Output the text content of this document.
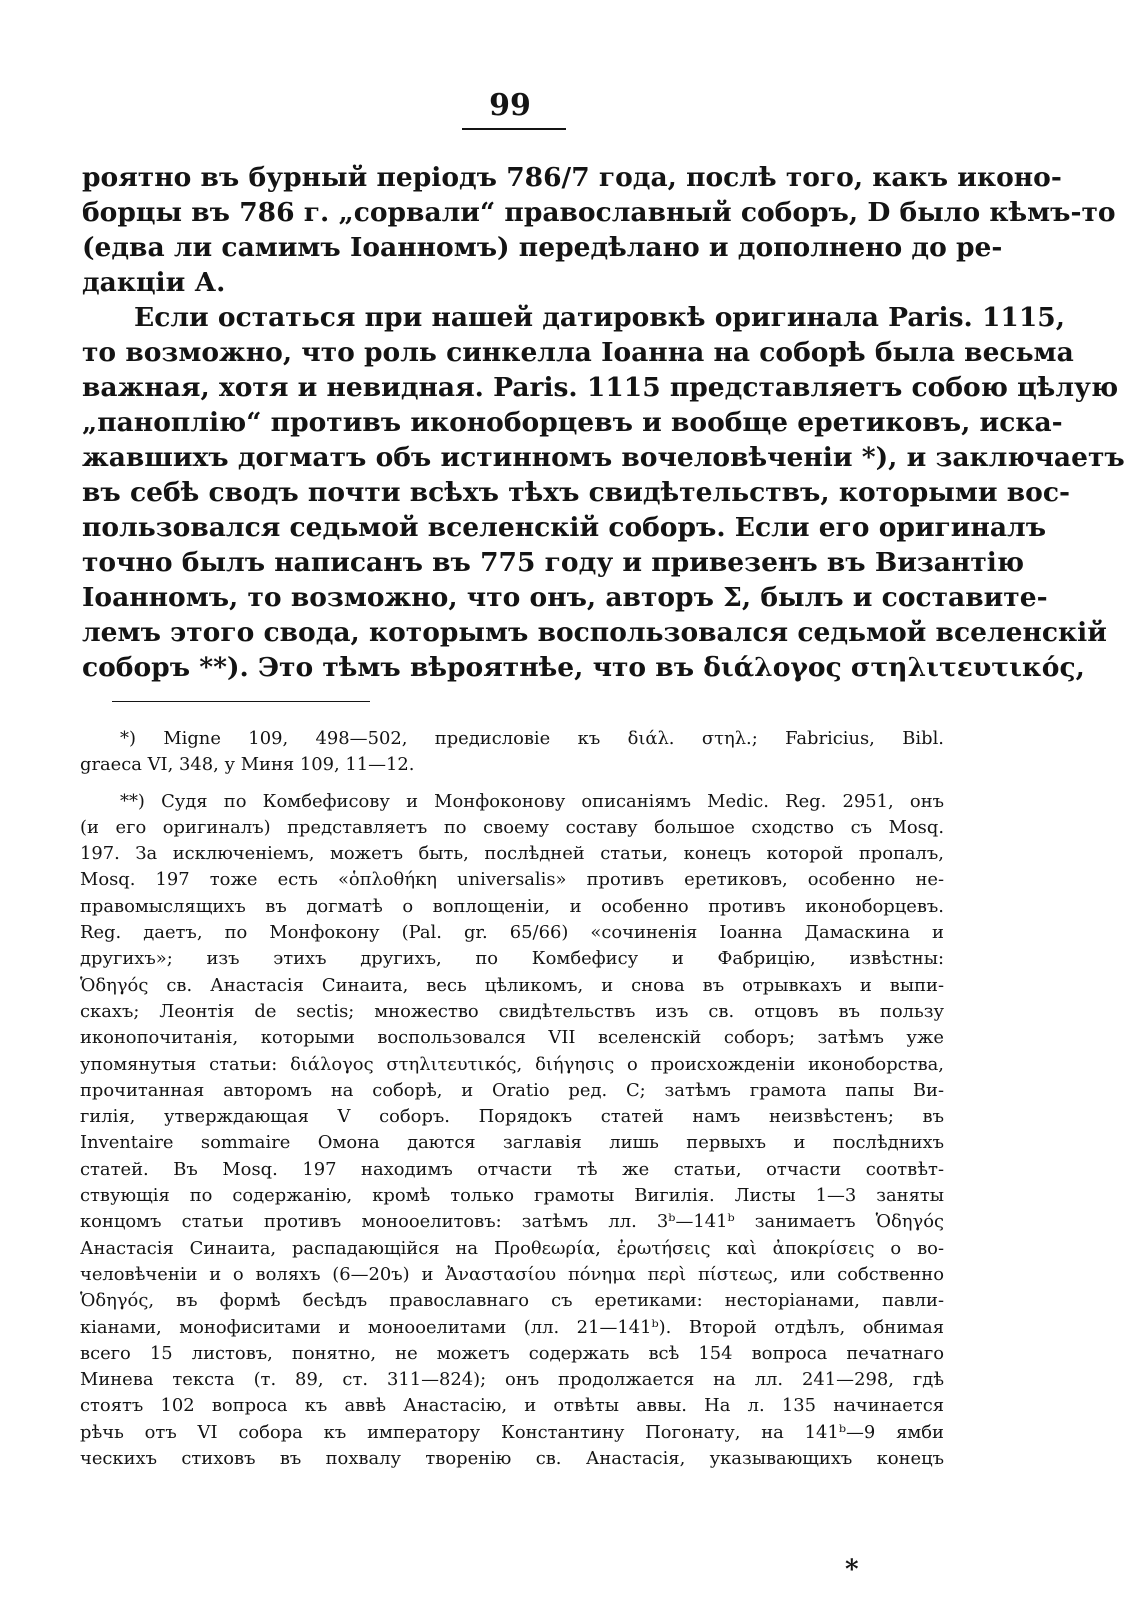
99
роятно въ бурный періодъ 786/7 года, послѣ того, какъ иконо-
борцы въ 786 г. „сорвали“ православный соборъ, D было кѣмъ-то
(едва ли самимъ Іоанномъ) передѣлано и дополнено до ре-
дакціи А.
Если остаться при нашей датировкѣ оригинала Paris. 1115,
то возможно, что роль синкелла Іоанна на соборѣ была весьма
важная, хотя и невидная. Paris. 1115 представляетъ собою цѣлую
„паноплію“ противъ иконоборцевъ и вообще еретиковъ, иска-
жавшихъ догматъ объ истинномъ вочеловѣченіи *), и заключаетъ
въ себѣ сводъ почти всѣхъ тѣхъ свидѣтельствъ, которыми вос-
пользовался седьмой вселенскій соборъ. Если его оригиналъ
точно былъ написанъ въ 775 году и привезенъ въ Византію
Іоанномъ, то возможно, что онъ, авторъ Σ, былъ и составите-
лемъ этого свода, которымъ воспользовался седьмой вселенскій
соборъ **). Это тѣмъ вѣроятнѣе, что въ διάλογος στηλιτευτικός,
*) Migne 109, 498—502, предисловіе къ διάλ. στηλ.; Fabricius, Bibl.
graeca VI, 348, у Миня 109, 11—12.
**) Судя по Комбефисову и Монфоконову описаніямъ Medic. Reg. 2951, онъ
(и его оригиналъ) представляетъ по своему составу большое сходство съ Mosq.
197. За исключеніемъ, можетъ быть, послѣдней статьи, конецъ которой пропалъ,
Mosq. 197 тоже есть «ὁπλοθήκη universalis» противъ еретиковъ, особенно не-
правомыслящихъ въ догматѣ о воплощеніи, и особенно противъ иконоборцевъ.
Reg. даетъ, по Монфокону (Pal. gr. 65/66) «сочиненія Іоанна Дамаскина и
другихъ»; изъ этихъ другихъ, по Комбефису и Фабрицію, извѣстны:
Ὁδηγός св. Анастасія Синаита, весь цѣликомъ, и снова въ отрывкахъ и выпи-
скахъ; Леонтія de sectis; множество свидѣтельствъ изъ св. отцовъ въ пользу
иконопочитанія, которыми воспользовался VII вселенскій соборъ; затѣмъ уже
упомянутыя статьи: διάλογος στηλιτευτικός, διήγησις о происхожденіи иконоборства,
прочитанная авторомъ на соборѣ, и Oratio ред. C; затѣмъ грамота папы Ви-
гилія, утверждающая V соборъ. Порядокъ статей намъ неизвѣстенъ; въ
Inventaire sommaire Омона даются заглавія лишь первыхъ и послѣднихъ
статей. Въ Mosq. 197 находимъ отчасти тѣ же статьи, отчасти соотвѣт-
ствующія по содержанію, кромѣ только грамоты Вигилія. Листы 1—3 заняты
концомъ статьи противъ монооелитовъ: затѣмъ лл. 3ᵇ—141ᵇ занимаетъ Ὁδηγός
Анастасія Синаита, распадающійся на Προθεωρία, ἐρωτήσεις καὶ ἀποκρίσεις о во-
человѣченіи и о воляхъ (6—20ъ) и Ἀναστασίου πόνημα περὶ πίστεως, или собственно
Ὁδηγός, въ формѣ бесѣдъ православнаго съ еретиками: несторіанами, павли-
кіанами, монофиситами и монооелитами (лл. 21—141ᵇ). Второй отдѣлъ, обнимая
всего 15 листовъ, понятно, не можетъ содержать всѣ 154 вопроса печатнаго
Минева текста (т. 89, ст. 311—824); онъ продолжается на лл. 241—298, гдѣ
стоятъ 102 вопроса къ аввѣ Анастасію, и отвѣты аввы. На л. 135 начинается
рѣчь отъ VI собора къ императору Константину Погонату, на 141ᵇ—9 ямби
ческихъ стиховъ въ похвалу творенію св. Анастасія, указывающихъ конецъ
*
